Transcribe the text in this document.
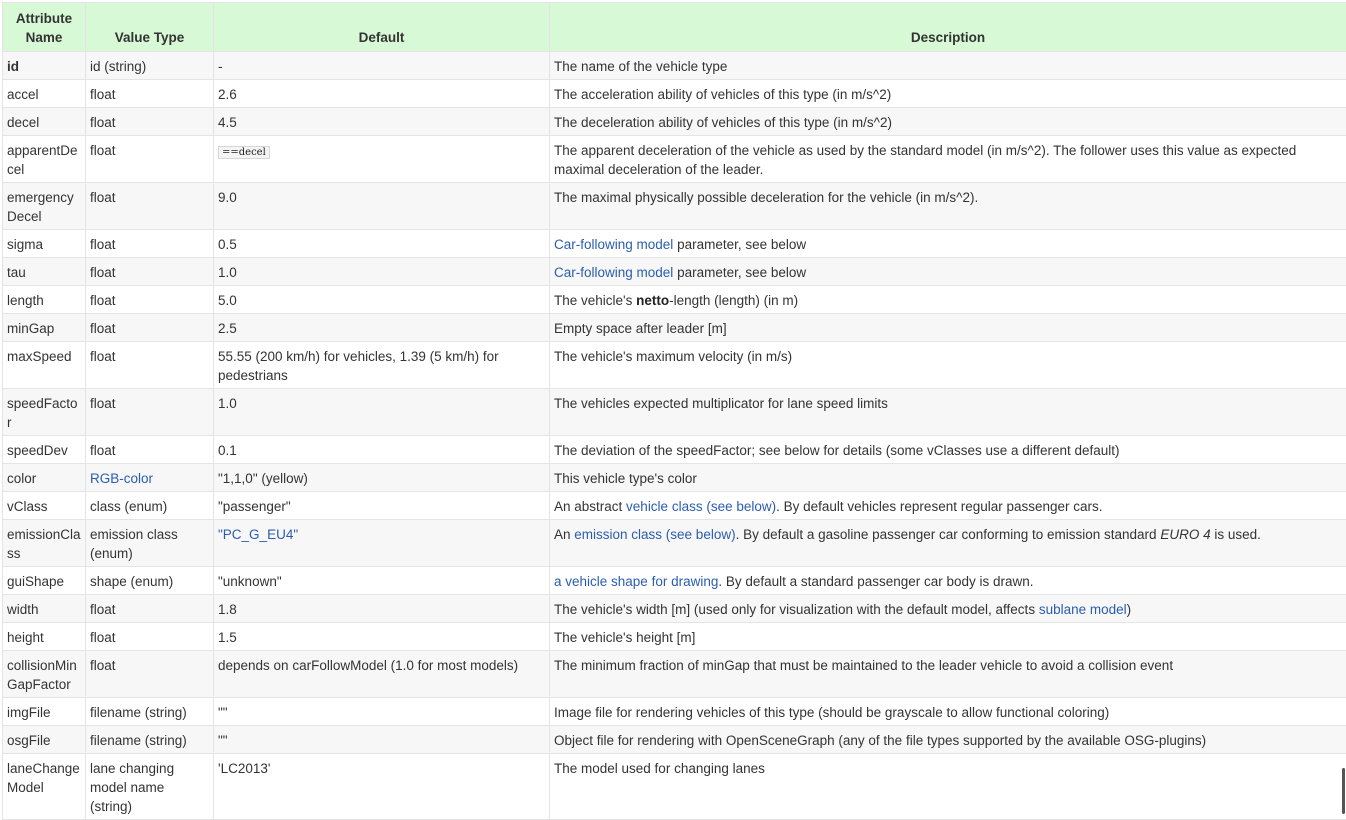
Attribute Name	Value Type	Default	Description
id	id (string)	-	The name of the vehicle type
accel	float	2.6	The acceleration ability of vehicles of this type (in m/s^2)
decel	float	4.5	The deceleration ability of vehicles of this type (in m/s^2)
apparentDecel	float	==decel	The apparent deceleration of the vehicle as used by the standard model (in m/s^2). The follower uses this value as expected maximal deceleration of the leader.
emergencyDecel	float	9.0	The maximal physically possible deceleration for the vehicle (in m/s^2).
sigma	float	0.5	Car-following model parameter, see below
tau	float	1.0	Car-following model parameter, see below
length	float	5.0	The vehicle's netto-length (length) (in m)
minGap	float	2.5	Empty space after leader [m]
maxSpeed	float	55.55 (200 km/h) for vehicles, 1.39 (5 km/h) for pedestrians	The vehicle's maximum velocity (in m/s)
speedFactor	float	1.0	The vehicles expected multiplicator for lane speed limits
speedDev	float	0.1	The deviation of the speedFactor; see below for details (some vClasses use a different default)
color	RGB-color	"1,1,0" (yellow)	This vehicle type's color
vClass	class (enum)	"passenger"	An abstract vehicle class (see below). By default vehicles represent regular passenger cars.
emissionClass	emission class (enum)	"PC_G_EU4"	An emission class (see below). By default a gasoline passenger car conforming to emission standard EURO 4 is used.
guiShape	shape (enum)	"unknown"	a vehicle shape for drawing. By default a standard passenger car body is drawn.
width	float	1.8	The vehicle's width [m] (used only for visualization with the default model, affects sublane model)
height	float	1.5	The vehicle's height [m]
collisionMinGapFactor	float	depends on carFollowModel (1.0 for most models)	The minimum fraction of minGap that must be maintained to the leader vehicle to avoid a collision event
imgFile	filename (string)	""	Image file for rendering vehicles of this type (should be grayscale to allow functional coloring)
osgFile	filename (string)	""	Object file for rendering with OpenSceneGraph (any of the file types supported by the available OSG-plugins)
laneChangeModel	lane changing model name (string)	'LC2013'	The model used for changing lanes
